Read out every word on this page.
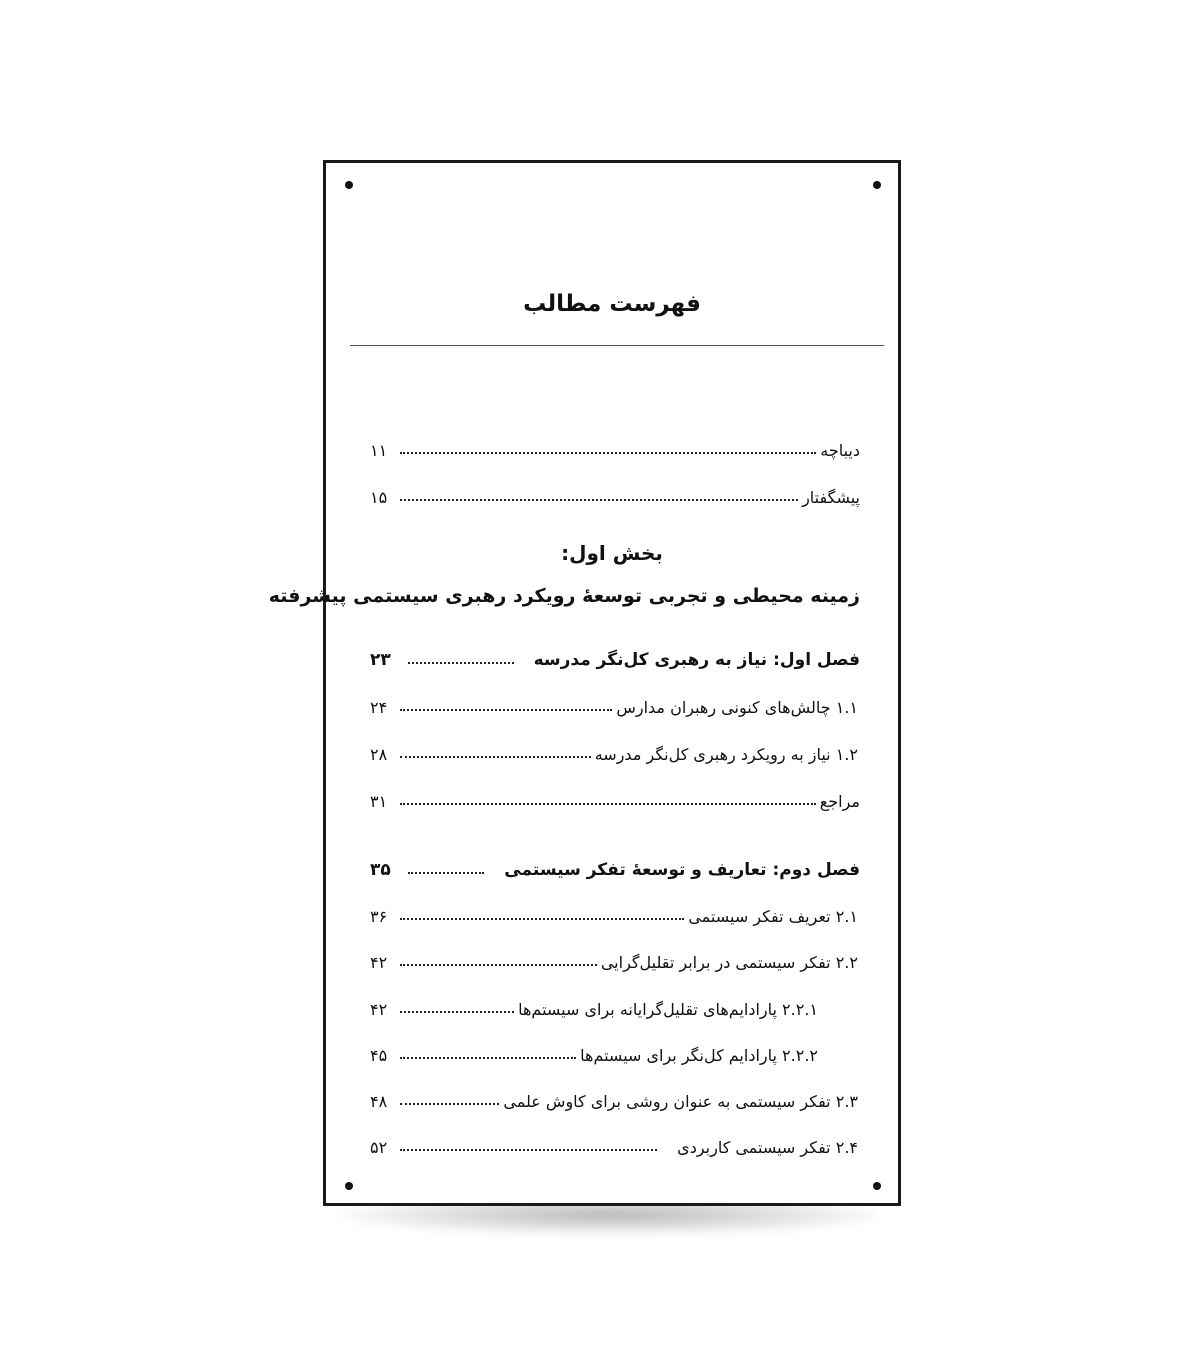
فهرست مطالب
دیباچه
۱۱
پیشگفتار
۱۵
بخش اول:
زمینه محیطی و تجربی توسعهٔ رویکرد رهبری سیستمی پیشرفته
فصل اول: نیاز به رهبری کل‌نگر مدرسه
۲۳
۱.۱ چالش‌های کنونی رهبران مدارس
۲۴
۱.۲ نیاز به رویکرد رهبری کل‌نگر مدرسه
۲۸
مراجع
۳۱
فصل دوم: تعاریف و توسعهٔ تفکر سیستمی
۳۵
۲.۱ تعریف تفکر سیستمی
۳۶
۲.۲ تفکر سیستمی در برابر تقلیل‌گرایی
۴۲
۲.۲.۱ پارادایم‌های تقلیل‌گرایانه برای سیستم‌ها
۴۲
۲.۲.۲ پارادایم کل‌نگر برای سیستم‌ها
۴۵
۲.۳ تفکر سیستمی به عنوان روشی برای کاوش علمی
۴۸
۲.۴ تفکر سیستمی کاربردی
۵۲
